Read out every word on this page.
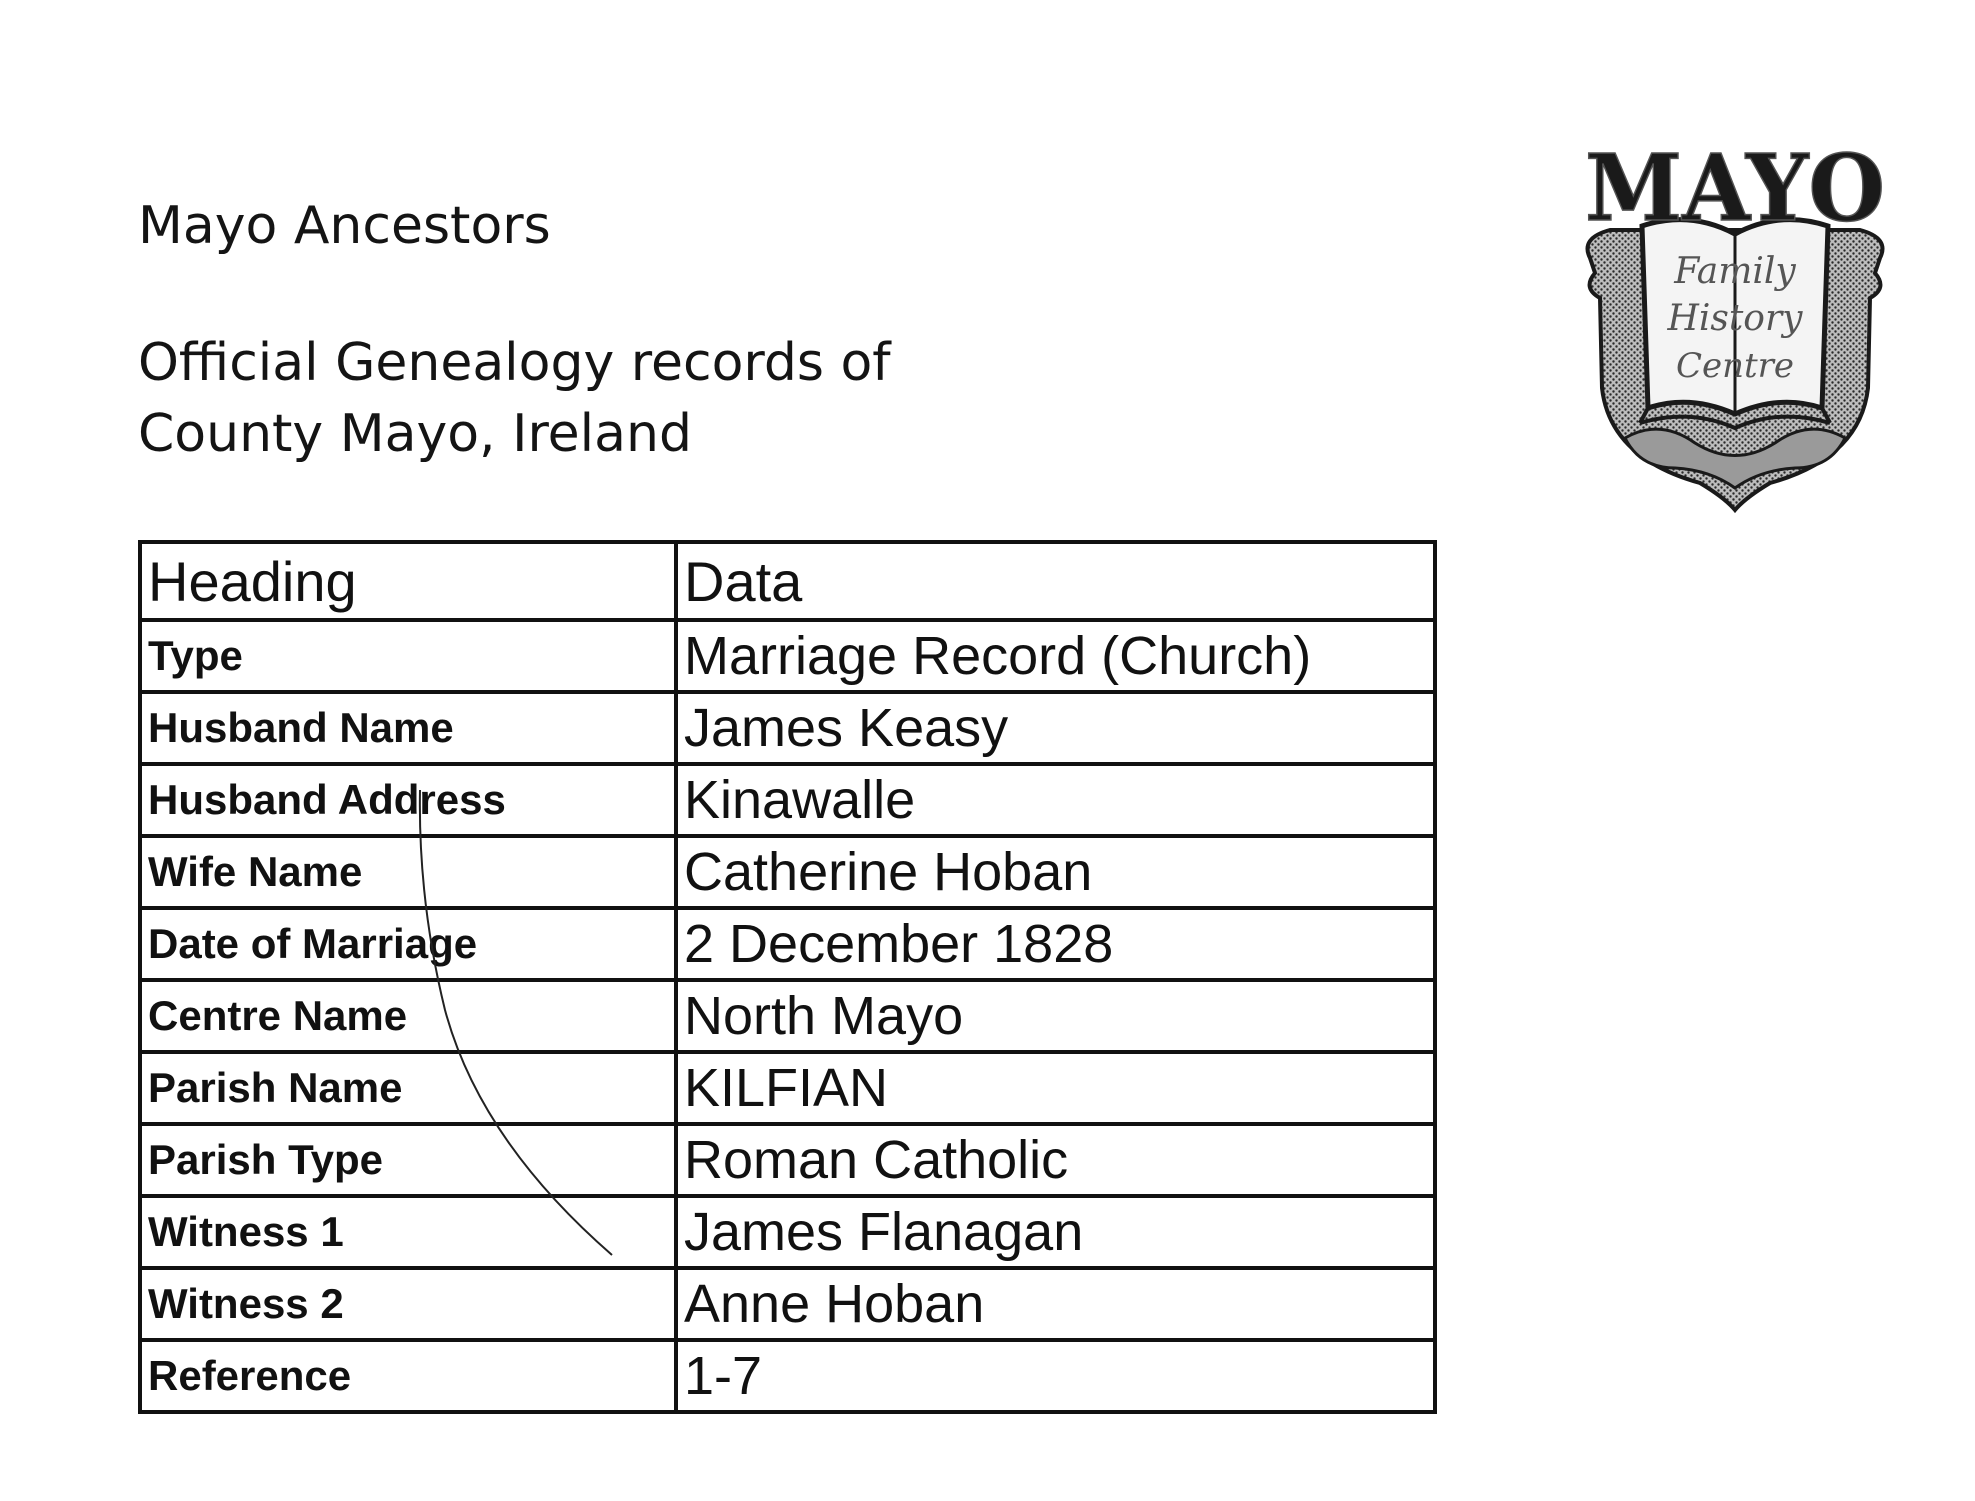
Mayo Ancestors
Official Genealogy records of
County Mayo, Ireland
MAYO
Family
History
Centre
Heading	Data
Type	Marriage Record (Church)
Husband Name	James Keasy
Husband Address	Kinawalle
Wife Name	Catherine Hoban
Date of Marriage	2 December 1828
Centre Name	North Mayo
Parish Name	KILFIAN
Parish Type	Roman Catholic
Witness 1	James Flanagan
Witness 2	Anne Hoban
Reference	1-7
